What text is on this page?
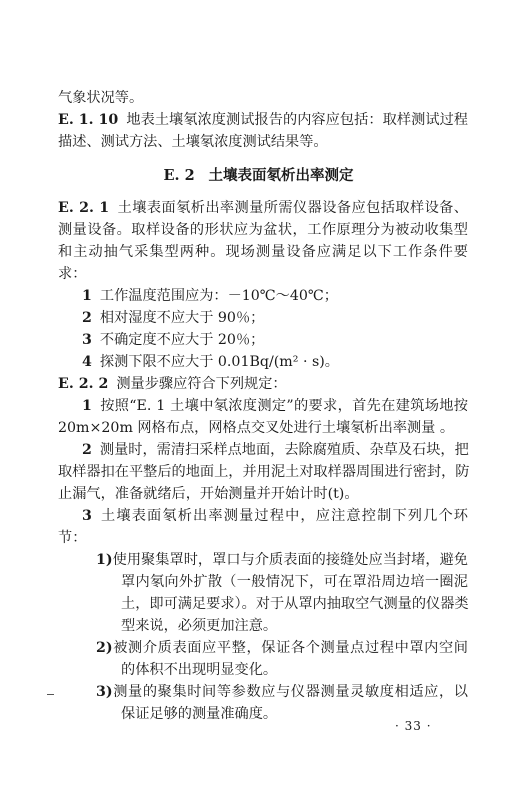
气象状况等。
E. 1. 10 地表土壤氡浓度测试报告的内容应包括：取样测试过程
描述、测试方法、土壤氡浓度测试结果等。
E. 2 土壤表面氡析出率测定
E. 2. 1 土壤表面氡析出率测量所需仪器设备应包括取样设备、
测量设备。取样设备的形状应为盆状，工作原理分为被动收集型
和主动抽气采集型两种。现场测量设备应满足以下工作条件要
求：
1 工作温度范围应为：－10℃～40℃；
2 相对湿度不应大于 90％；
3 不确定度不应大于 20％；
4 探测下限不应大于 0.01Bq/(m² · s)。
E. 2. 2 测量步骤应符合下列规定：
1 按照“E. 1 土壤中氡浓度测定”的要求，首先在建筑场地按
20m×20m 网格布点，网格点交叉处进行土壤氡析出率测量 。
2 测量时，需清扫采样点地面，去除腐殖质、杂草及石块，把
取样器扣在平整后的地面上，并用泥土对取样器周围进行密封，防
止漏气，准备就绪后，开始测量并开始计时(t)。
3 土壤表面氡析出率测量过程中，应注意控制下列几个环
节：
1)使用聚集罩时，罩口与介质表面的接缝处应当封堵，避免
罩内氡向外扩散（一般情况下，可在罩沿周边培一圈泥
土，即可满足要求）。对于从罩内抽取空气测量的仪器类
型来说，必须更加注意。
2)被测介质表面应平整，保证各个测量点过程中罩内空间
的体积不出现明显变化。
3)测量的聚集时间等参数应与仪器测量灵敏度相适应，以
保证足够的测量准确度。
· 33 ·
